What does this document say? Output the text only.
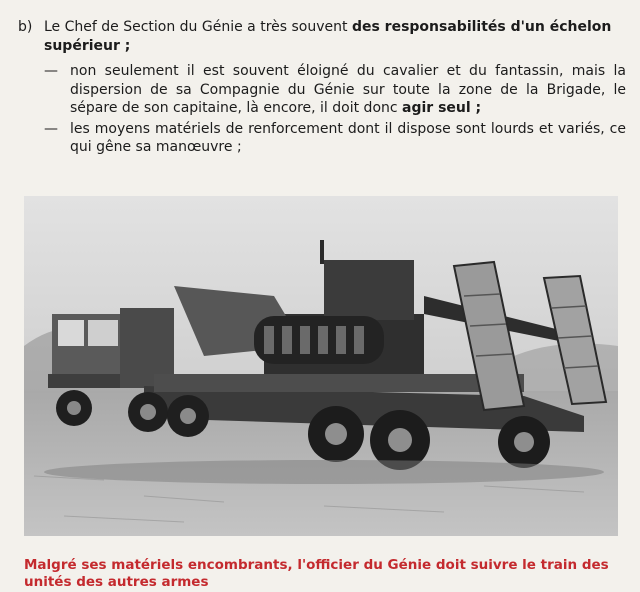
b) Le Chef de Section du Génie a très souvent des responsabilités d'un échelon supérieur ;
— non seulement il est souvent éloigné du cavalier et du fantassin, mais la dispersion de sa Compagnie du Génie sur toute la zone de la Brigade, le sépare de son capitaine, là encore, il doit donc agir seul ;
— les moyens matériels de renforcement dont il dispose sont lourds et variés, ce qui gêne sa manœuvre ;
Malgré ses matériels encombrants, l'officier du Génie doit suivre le train des unités des autres armes
